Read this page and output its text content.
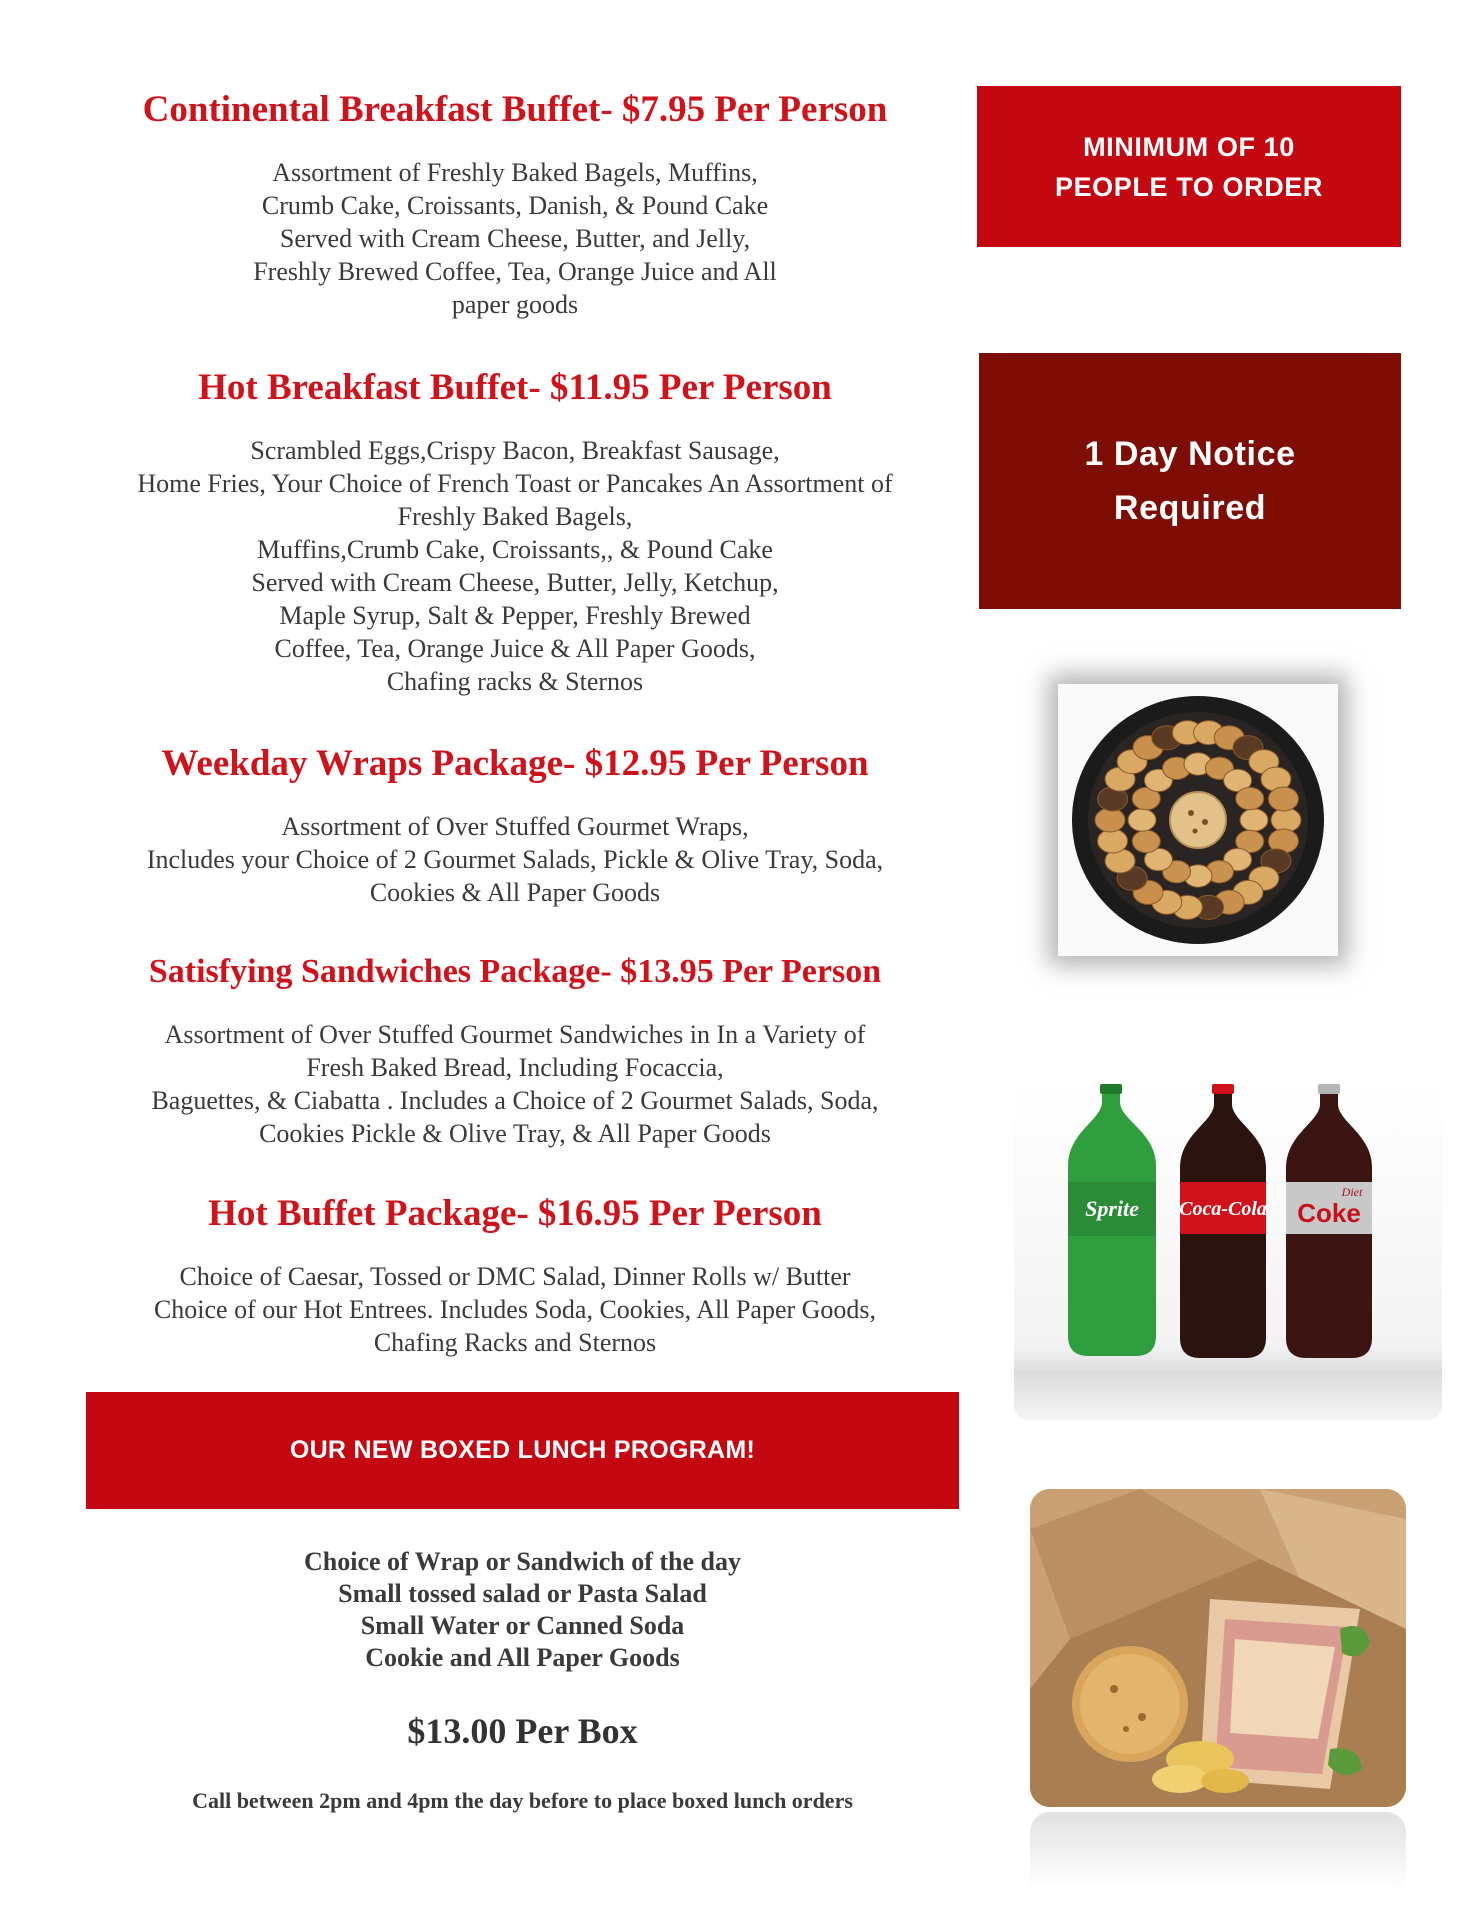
Continental Breakfast Buffet- $7.95 Per Person
Assortment of Freshly Baked Bagels, Muffins,
Crumb Cake, Croissants, Danish, & Pound Cake
Served with Cream Cheese, Butter, and Jelly,
Freshly Brewed Coffee, Tea, Orange Juice and All
paper goods
Hot Breakfast Buffet- $11.95 Per Person
Scrambled Eggs,Crispy Bacon, Breakfast Sausage,
Home Fries, Your Choice of French Toast or Pancakes An Assortment of
Freshly Baked Bagels,
Muffins,Crumb Cake, Croissants,, & Pound Cake
Served with Cream Cheese, Butter, Jelly, Ketchup,
Maple Syrup, Salt & Pepper, Freshly Brewed
Coffee, Tea, Orange Juice & All Paper Goods,
Chafing racks & Sternos
Weekday Wraps Package- $12.95 Per Person
Assortment of Over Stuffed Gourmet Wraps,
Includes your Choice of 2 Gourmet Salads, Pickle & Olive Tray, Soda,
Cookies & All Paper Goods
Satisfying Sandwiches Package- $13.95 Per Person
Assortment of Over Stuffed Gourmet Sandwiches in In a Variety of
Fresh Baked Bread, Including Focaccia,
Baguettes, & Ciabatta . Includes a Choice of 2 Gourmet Salads, Soda,
Cookies Pickle & Olive Tray, & All Paper Goods
Hot Buffet Package- $16.95 Per Person
Choice of Caesar, Tossed or DMC Salad, Dinner Rolls w/ Butter
Choice of our Hot Entrees. Includes Soda, Cookies, All Paper Goods,
Chafing Racks and Sternos
OUR NEW BOXED LUNCH PROGRAM!
Choice of Wrap or Sandwich of the day
Small tossed salad or Pasta Salad
Small Water or Canned Soda
Cookie and All Paper Goods
$13.00 Per Box
Call between 2pm and 4pm the day before to place boxed lunch orders
MINIMUM OF 10
PEOPLE TO ORDER
1 Day Notice
Required
Sprite Coca-Cola
Diet
Coke
